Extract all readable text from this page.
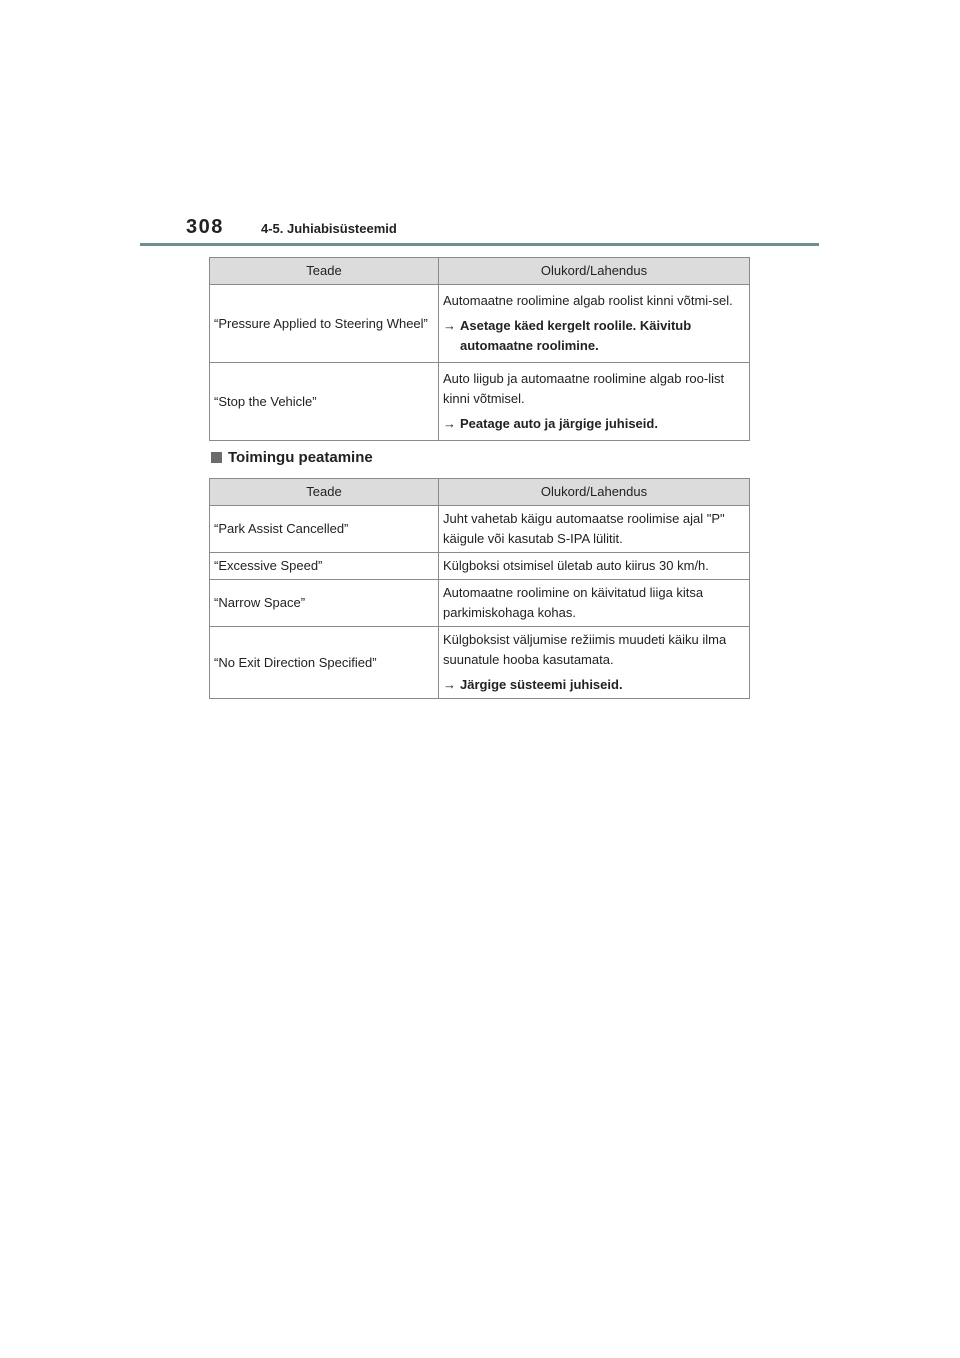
308	4-5. Juhiabisüsteemid
Teade	Olukord/Lahendus
“Pressure Applied to Steering Wheel”	Automaatne roolimine algab roolist kinni võtmi-sel.

→ Asetage käed kergelt roolile. Käivitub automaatne roolimine.

“Stop the Vehicle”	Auto liigub ja automaatne roolimine algab roo-list kinni võtmisel.

→ Peatage auto ja järgige juhiseid.

Toimingu peatamine
Teade	Olukord/Lahendus
“Park Assist Cancelled”	Juht vahetab käigu automaatse roolimise ajal "P" käigule või kasutab S-IPA lülitit.
“Excessive Speed”	Külgboksi otsimisel ületab auto kiirus 30 km/h.
“Narrow Space”	Automaatne roolimine on käivitatud liiga kitsa parkimiskohaga kohas.
“No Exit Direction Specified”	Külgboksist väljumise režiimis muudeti käiku ilma suunatule hooba kasutamata.

→ Järgige süsteemi juhiseid.
